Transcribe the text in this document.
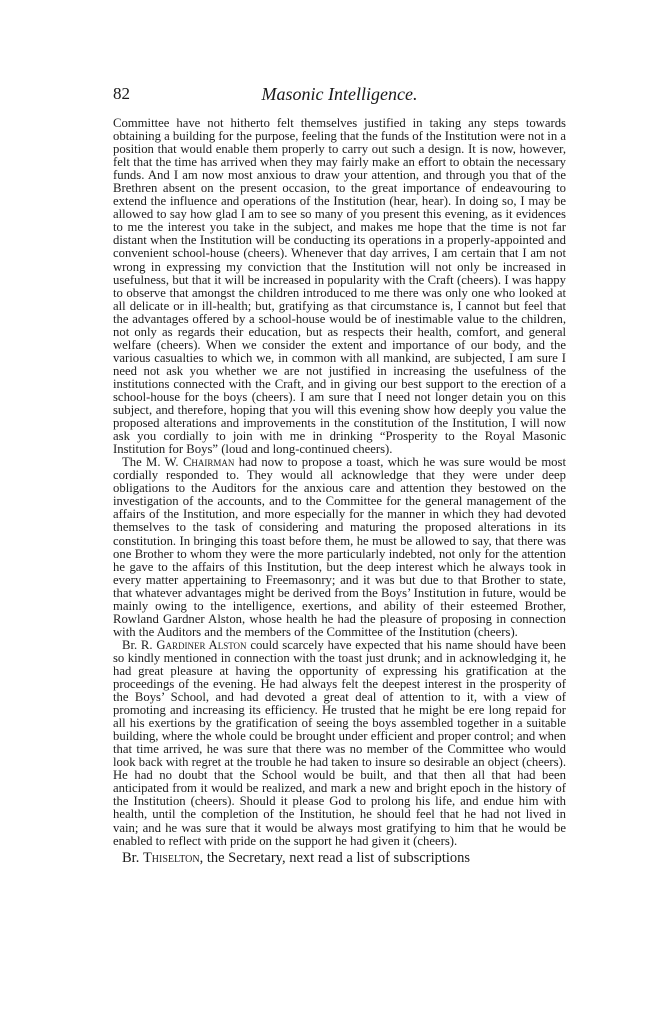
82	Masonic Intelligence.

Committee have not hitherto felt themselves justified in taking any steps towards obtaining a building for the purpose, feeling that the funds of the Institution were not in a position that would enable them properly to carry out such a design. It is now, however, felt that the time has arrived when they may fairly make an effort to obtain the necessary funds. And I am now most anxious to draw your attention, and through you that of the Brethren absent on the present occasion, to the great importance of endeavouring to extend the influence and operations of the Institution (hear, hear). In doing so, I may be allowed to say how glad I am to see so many of you present this evening, as it evidences to me the interest you take in the subject, and makes me hope that the time is not far distant when the Institution will be conducting its operations in a properly-appointed and convenient school-house (cheers). Whenever that day arrives, I am certain that I am not wrong in expressing my conviction that the Institution will not only be increased in usefulness, but that it will be increased in popularity with the Craft (cheers). I was happy to observe that amongst the children introduced to me there was only one who looked at all delicate or in ill-health; but, gratifying as that circumstance is, I cannot but feel that the advantages offered by a school-house would be of inestimable value to the children, not only as regards their education, but as respects their health, comfort, and general welfare (cheers). When we consider the extent and importance of our body, and the various casualties to which we, in common with all mankind, are subjected, I am sure I need not ask you whether we are not justified in increasing the usefulness of the institutions connected with the Craft, and in giving our best support to the erection of a school-house for the boys (cheers). I am sure that I need not longer detain you on this subject, and therefore, hoping that you will this evening show how deeply you value the proposed alterations and improvements in the constitution of the Institution, I will now ask you cordially to join with me in drinking “Prosperity to the Royal Masonic Institution for Boys” (loud and long-continued cheers).

The M. W. Chairman had now to propose a toast, which he was sure would be most cordially responded to. They would all acknowledge that they were under deep obligations to the Auditors for the anxious care and attention they bestowed on the investigation of the accounts, and to the Committee for the general management of the affairs of the Institution, and more especially for the manner in which they had devoted themselves to the task of considering and maturing the proposed alterations in its constitution. In bringing this toast before them, he must be allowed to say, that there was one Brother to whom they were the more particularly indebted, not only for the attention he gave to the affairs of this Institution, but the deep interest which he always took in every matter appertaining to Freemasonry; and it was but due to that Brother to state, that whatever advantages might be derived from the Boys’ Institution in future, would be mainly owing to the intelligence, exertions, and ability of their esteemed Brother, Rowland Gardner Alston, whose health he had the pleasure of proposing in connection with the Auditors and the members of the Committee of the Institution (cheers).

Br. R. Gardiner Alston could scarcely have expected that his name should have been so kindly mentioned in connection with the toast just drunk; and in acknowledging it, he had great pleasure at having the opportunity of expressing his gratification at the proceedings of the evening. He had always felt the deepest interest in the prosperity of the Boys’ School, and had devoted a great deal of attention to it, with a view of promoting and increasing its efficiency. He trusted that he might be ere long repaid for all his exertions by the gratification of seeing the boys assembled together in a suitable building, where the whole could be brought under efficient and proper control; and when that time arrived, he was sure that there was no member of the Committee who would look back with regret at the trouble he had taken to insure so desirable an object (cheers). He had no doubt that the School would be built, and that then all that had been anticipated from it would be realized, and mark a new and bright epoch in the history of the Institution (cheers). Should it please God to prolong his life, and endue him with health, until the completion of the Institution, he should feel that he had not lived in vain; and he was sure that it would be always most gratifying to him that he would be enabled to reflect with pride on the support he had given it (cheers).

Br. Thiselton, the Secretary, next read a list of subscriptions
